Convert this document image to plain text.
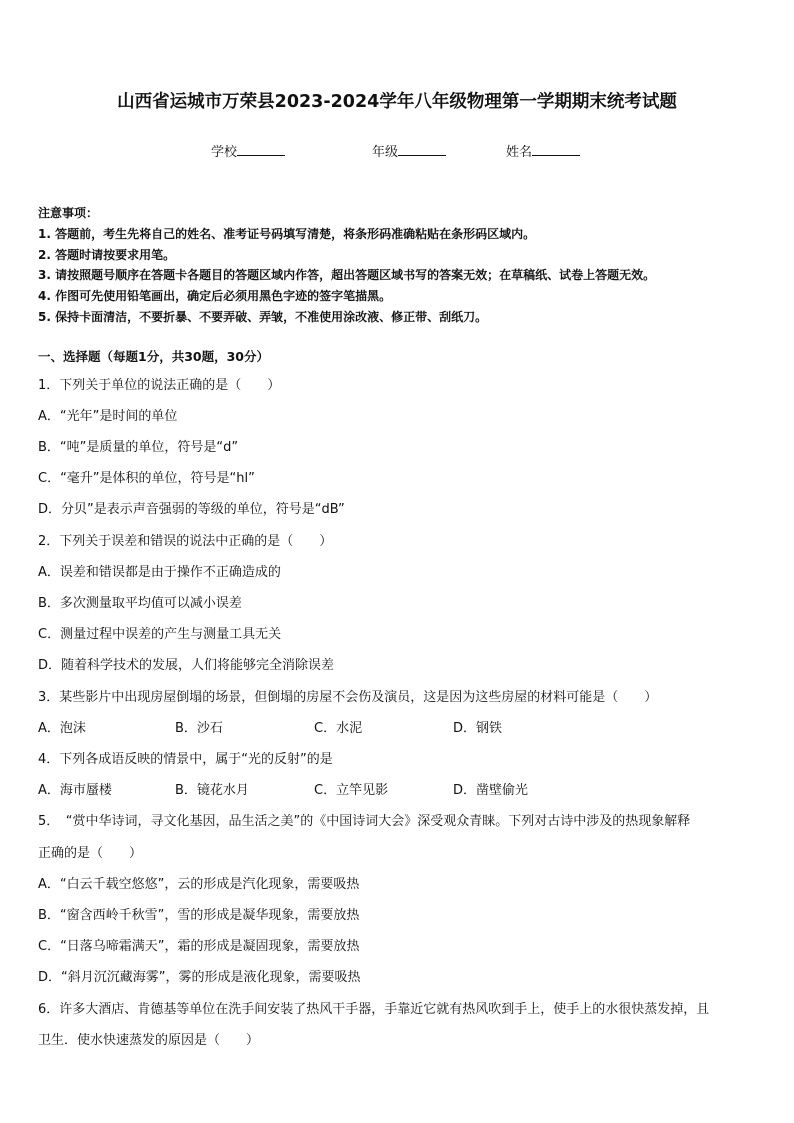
山西省运城市万荣县2023-2024学年八年级物理第一学期期末统考试题
学校	年级	姓名
注意事项：
1. 答题前，考生先将自己的姓名、准考证号码填写清楚，将条形码准确粘贴在条形码区域内。
2. 答题时请按要求用笔。
3. 请按照题号顺序在答题卡各题目的答题区域内作答，超出答题区域书写的答案无效；在草稿纸、试卷上答题无效。
4. 作图可先使用铅笔画出，确定后必须用黑色字迹的签字笔描黑。
5. 保持卡面清洁，不要折暴、不要弄破、弄皱，不准使用涂改液、修正带、刮纸刀。
一、选择题（每题1分，共30题，30分）
1．下列关于单位的说法正确的是（　　）
A．“光年”是时间的单位
B．“吨”是质量的单位，符号是“d”
C．“毫升”是体积的单位，符号是“hl”
D．分贝”是表示声音强弱的等级的单位，符号是“dB”
2．下列关于误差和错误的说法中正确的是（　　）
A．误差和错误都是由于操作不正确造成的
B．多次测量取平均值可以减小误差
C．测量过程中误差的产生与测量工具无关
D．随着科学技术的发展，人们将能够完全消除误差
3．某些影片中出现房屋倒塌的场景，但倒塌的房屋不会伤及演员，这是因为这些房屋的材料可能是（　　）
A．泡沫	B．沙石	C．水泥	D．钢铁
4．下列各成语反映的情景中，属于“光的反射”的是
A．海市蜃楼	B．镜花水月	C．立竿见影	D．凿壁偷光
5．　“赏中华诗词，寻文化基因，品生活之美”的《中国诗词大会》深受观众青睐。下列对古诗中涉及的热现象解释
正确的是（　　）
A．“白云千载空悠悠”，云的形成是汽化现象，需要吸热
B．“窗含西岭千秋雪”，雪的形成是凝华现象，需要放热
C．“日落乌啼霜满天”，霜的形成是凝固现象，需要放热
D．“斜月沉沉藏海雾”，雾的形成是液化现象，需要吸热
6．许多大酒店、肯德基等单位在洗手间安装了热风干手器，手靠近它就有热风吹到手上，使手上的水很快蒸发掉，且
卫生．使水快速蒸发的原因是（　　）
